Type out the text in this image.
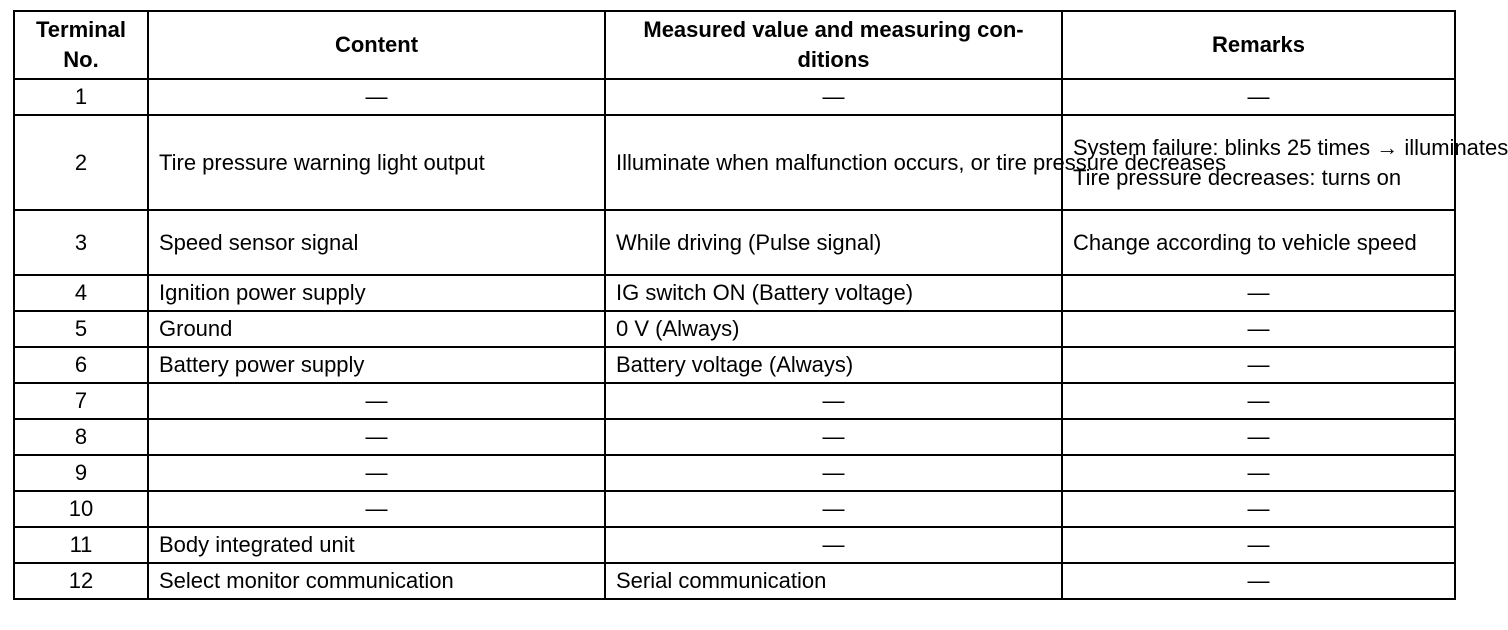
Terminal No.	Content	Measured value and measuring con- ditions	Remarks
1	—	—	—
2	Tire pressure warning light output	Illuminate when malfunction occurs, or tire pressure decreases	System failure: blinks 25 times → illuminates
Tire pressure decreases: turns on

3	Speed sensor signal	While driving (Pulse signal)	Change according to vehicle speed
4	Ignition power supply	IG switch ON (Battery voltage)	—
5	Ground	0 V (Always)	—
6	Battery power supply	Battery voltage (Always)	—
7	—	—	—
8	—	—	—
9	—	—	—
10	—	—	—
11	Body integrated unit	—	—
12	Select monitor communication	Serial communication	—
